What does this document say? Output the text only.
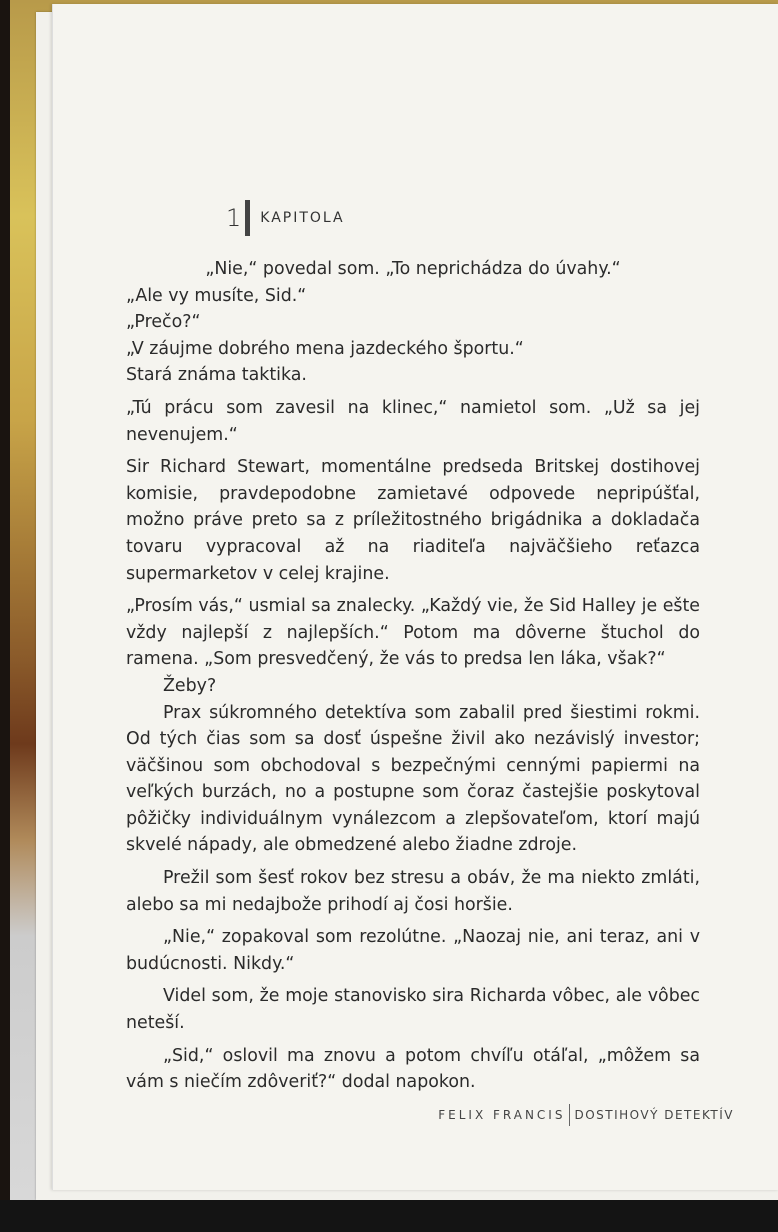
1 KAPITOLA

„Nie,“ povedal som. „To neprichádza do úvahy.“

„Ale vy musíte, Sid.“

„Prečo?“

„V záujme dobrého mena jazdeckého športu.“

Stará známa taktika.

„Tú prácu som zavesil na klinec,“ namietol som. „Už sa jej nevenujem.“

Sir Richard Stewart, momentálne predseda Britskej dostihovej komisie, pravdepodobne zamietavé odpovede nepripúšťal, možno práve preto sa z príležitostného brigádnika a dokladača tovaru vypracoval až na riaditeľa najväčšieho reťazca supermarketov v celej krajine.

„Prosím vás,“ usmial sa znalecky. „Každý vie, že Sid Halley je ešte vždy najlepší z najlepších.“ Potom ma dôverne štuchol do ramena. „Som presvedčený, že vás to predsa len láka, však?“

Žeby?

Prax súkromného detektíva som zabalil pred šiestimi rokmi. Od tých čias som sa dosť úspešne živil ako nezávislý investor; väčšinou som obchodoval s bezpečnými cennými papiermi na veľkých burzách, no a postupne som čoraz častejšie poskytoval pôžičky individuálnym vynálezcom a zlepšovateľom, ktorí majú skvelé nápady, ale obmedzené alebo žiadne zdroje.

Prežil som šesť rokov bez stresu a obáv, že ma niekto zmláti, alebo sa mi nedajbože prihodí aj čosi horšie.

„Nie,“ zopakoval som rezolútne. „Naozaj nie, ani teraz, ani v budúcnosti. Nikdy.“

Videl som, že moje stanovisko sira Richarda vôbec, ale vôbec neteší.

„Sid,“ oslovil ma znovu a potom chvíľu otáľal, „môžem sa vám s niečím zdôveriť?“ dodal napokon.

FELIX FRANCIS DOSTIHOVÝ DETEKTÍV
